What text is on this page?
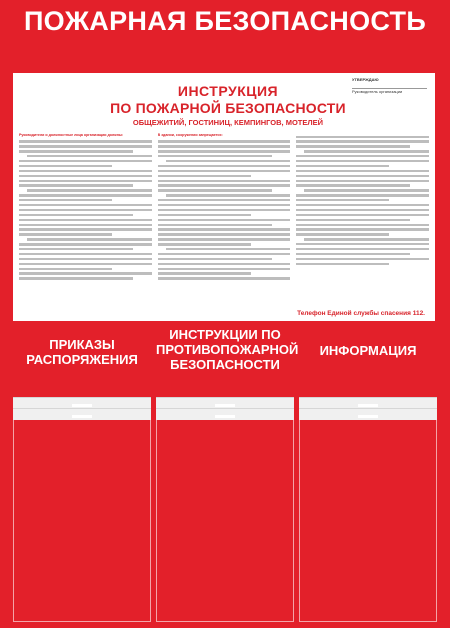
ПОЖАРНАЯ БЕЗОПАСНОСТЬ
УТВЕРЖДАЮ
Руководитель организации
ИНСТРУКЦИЯ
ПО ПОЖАРНОЙ БЕЗОПАСНОСТИ
ОБЩЕЖИТИЙ, ГОСТИНИЦ, КЕМПИНГОВ, МОТЕЛЕЙ
Руководители и должностные лица организации должны:	В здании, сооружении запрещается:
Телефон Единой службы спасения 112.
ПРИКАЗЫ
РАСПОРЯЖЕНИЯ
ИНСТРУКЦИИ ПО
ПРОТИВОПОЖАРНОЙ
БЕЗОПАСНОСТИ
ИНФОРМАЦИЯ
